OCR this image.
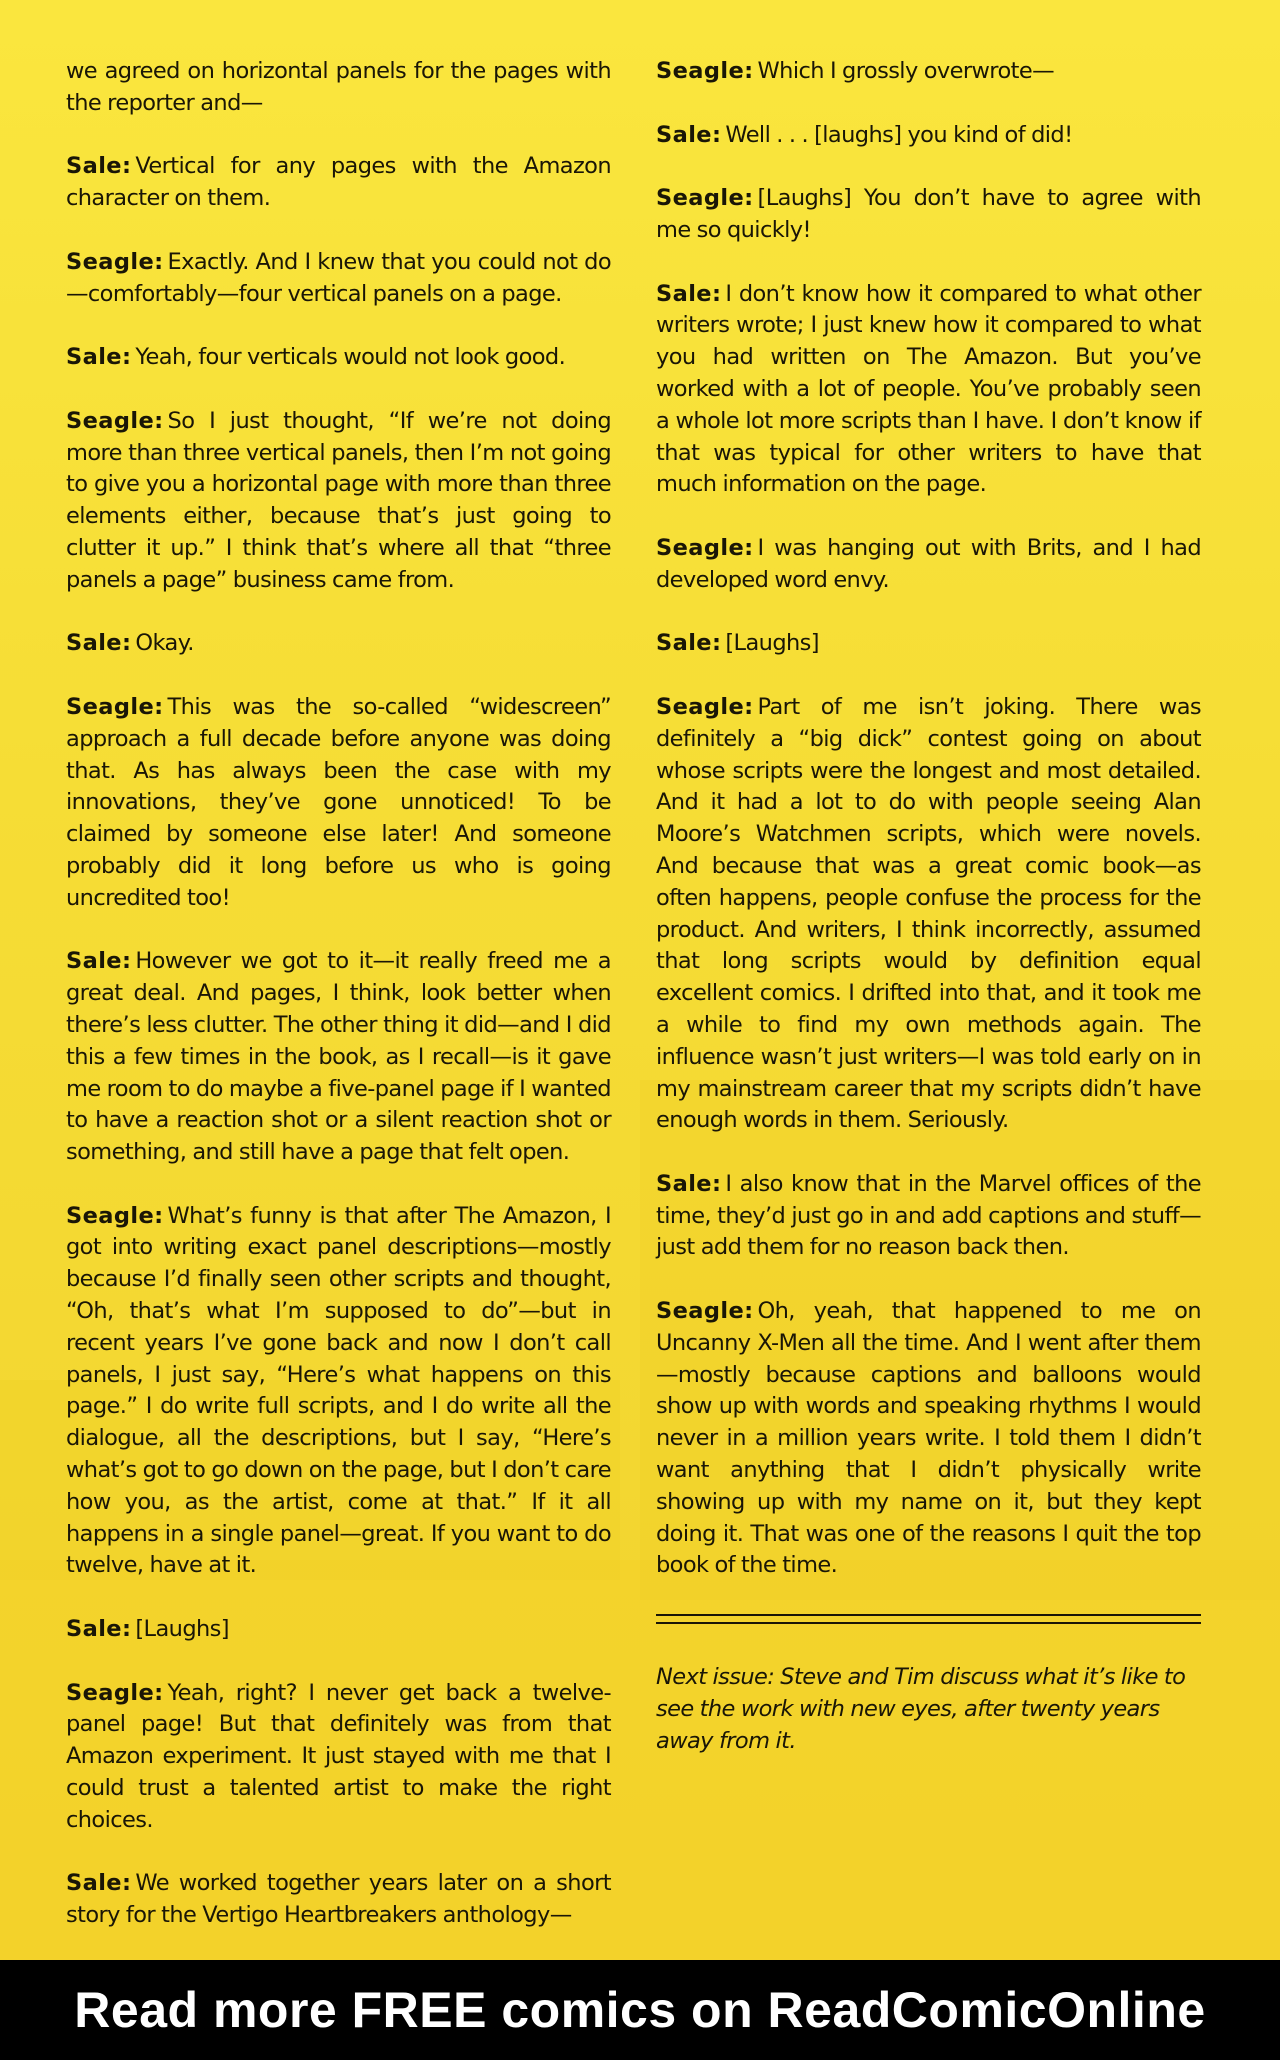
we agreed on horizontal panels for the pages with the reporter and—

Sale: Vertical for any pages with the Amazon character on them.

Seagle: Exactly. And I knew that you could not do—comfortably—four vertical panels on a page.

Sale: Yeah, four verticals would not look good.

Seagle: So I just thought, “If we’re not doing more than three vertical panels, then I’m not going to give you a horizontal page with more than three elements either, because that’s just going to clutter it up.” I think that’s where all that “three panels a page” business came from.

Sale: Okay.

Seagle: This was the so-called “widescreen” approach a full decade before anyone was doing that. As has always been the case with my innovations, they’ve gone unnoticed! To be claimed by someone else later! And someone probably did it long before us who is going uncredited too!

Sale: However we got to it—it really freed me a great deal. And pages, I think, look better when there’s less clutter. The other thing it did—and I did this a few times in the book, as I recall—is it gave me room to do maybe a five-panel page if I wanted to have a reaction shot or a silent reaction shot or something, and still have a page that felt open.

Seagle: What’s funny is that after The Amazon, I got into writing exact panel descriptions—mostly because I’d finally seen other scripts and thought, “Oh, that’s what I’m supposed to do”—but in recent years I’ve gone back and now I don’t call panels, I just say, “Here’s what happens on this page.” I do write full scripts, and I do write all the dialogue, all the descriptions, but I say, “Here’s what’s got to go down on the page, but I don’t care how you, as the artist, come at that.” If it all happens in a single panel—great. If you want to do twelve, have at it.

Sale: [Laughs]

Seagle: Yeah, right? I never get back a twelve-panel page! But that definitely was from that Amazon experiment. It just stayed with me that I could trust a talented artist to make the right choices.

Sale: We worked together years later on a short story for the Vertigo Heartbreakers anthology—

Seagle: Which I grossly overwrote—

Sale: Well . . . [laughs] you kind of did!

Seagle: [Laughs] You don’t have to agree with me so quickly!

Sale: I don’t know how it compared to what other writers wrote; I just knew how it compared to what you had written on The Amazon. But you’ve worked with a lot of people. You’ve probably seen a whole lot more scripts than I have. I don’t know if that was typical for other writers to have that much information on the page.

Seagle: I was hanging out with Brits, and I had developed word envy.

Sale: [Laughs]

Seagle: Part of me isn’t joking. There was definitely a “big dick” contest going on about whose scripts were the longest and most detailed. And it had a lot to do with people seeing Alan Moore’s Watchmen scripts, which were novels. And because that was a great comic book—as often happens, people confuse the process for the product. And writers, I think incorrectly, assumed that long scripts would by definition equal excellent comics. I drifted into that, and it took me a while to find my own methods again. The influence wasn’t just writers—I was told early on in my mainstream career that my scripts didn’t have enough words in them. Seriously.

Sale: I also know that in the Marvel offices of the time, they’d just go in and add captions and stuff—just add them for no reason back then.

Seagle: Oh, yeah, that happened to me on Uncanny X-Men all the time. And I went after them—mostly because captions and balloons would show up with words and speaking rhythms I would never in a million years write. I told them I didn’t want anything that I didn’t physically write showing up with my name on it, but they kept doing it. That was one of the reasons I quit the top book of the time.

Next issue: Steve and Tim discuss what it’s like to see the work with new eyes, after twenty years away from it.

Read more FREE comics on ReadComicOnline
